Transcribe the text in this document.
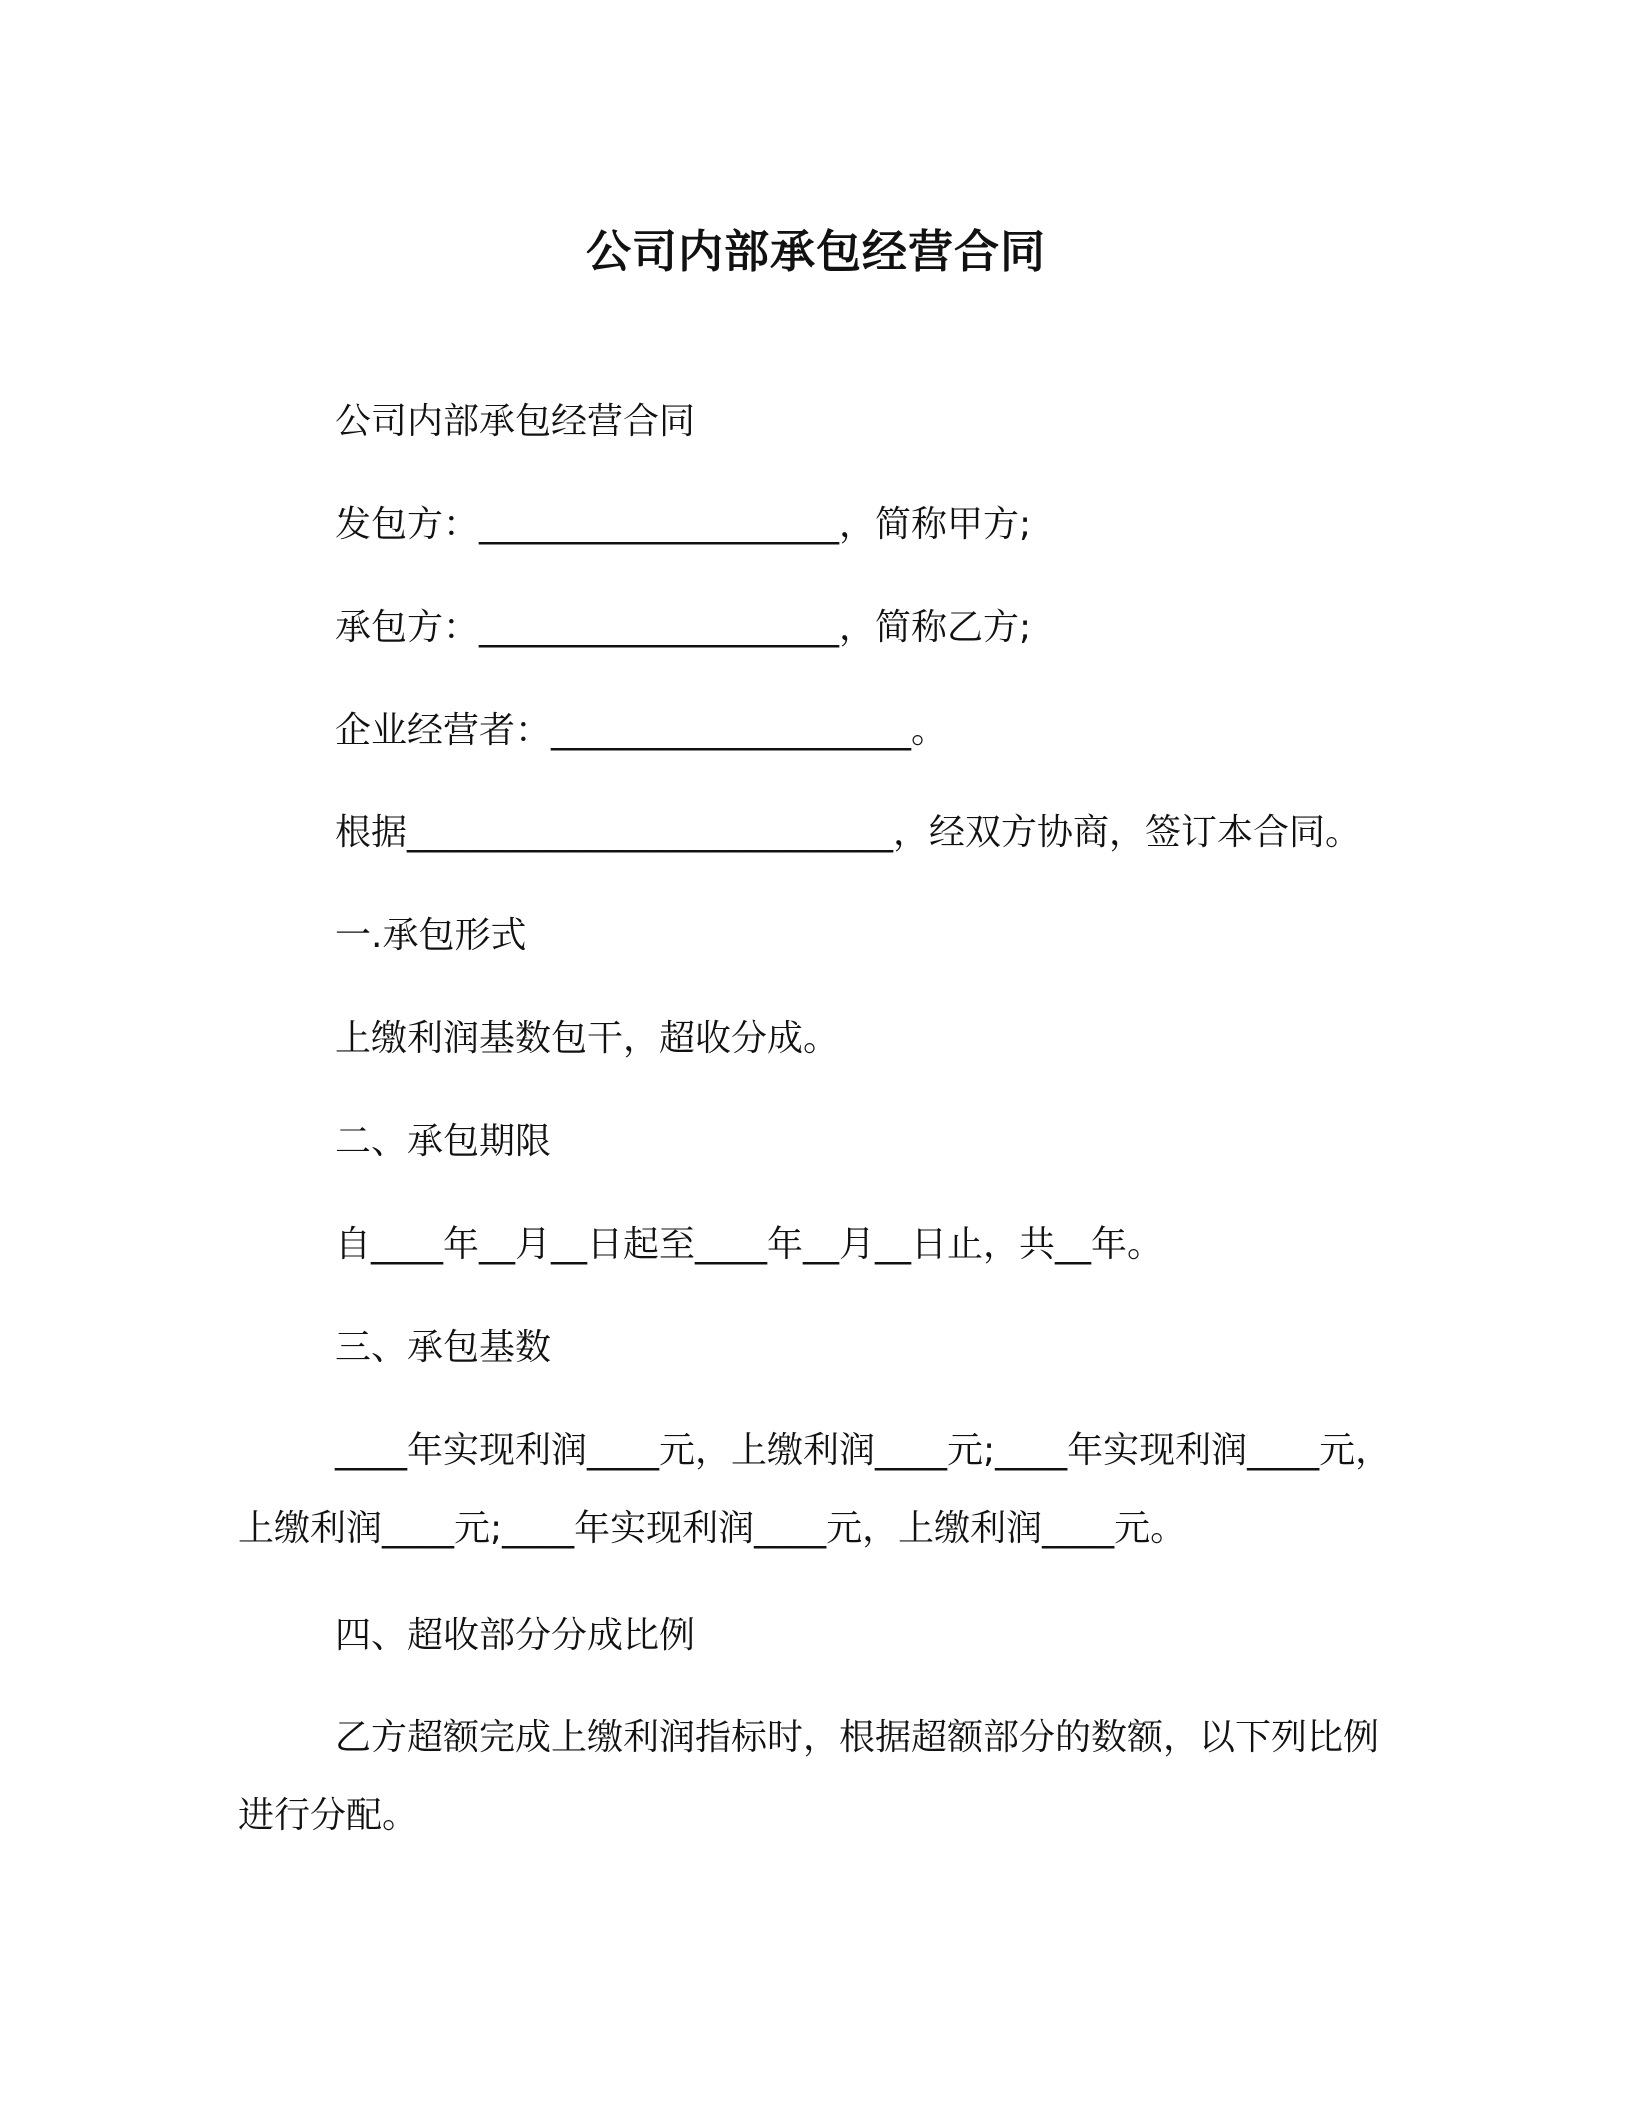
公司内部承包经营合同
公司内部承包经营合同
发包方：____________________，简称甲方;
承包方：____________________，简称乙方;
企业经营者：____________________。
根据___________________________，经双方协商，签订本合同。
一.承包形式
上缴利润基数包干，超收分成。
二、承包期限
自____年__月__日起至____年__月__日止，共__年。
三、承包基数
____年实现利润____元，上缴利润____元;____年实现利润____元，上缴利润____元;____年实现利润____元，上缴利润____元。
四、超收部分分成比例
乙方超额完成上缴利润指标时，根据超额部分的数额，以下列比例进行分配。
